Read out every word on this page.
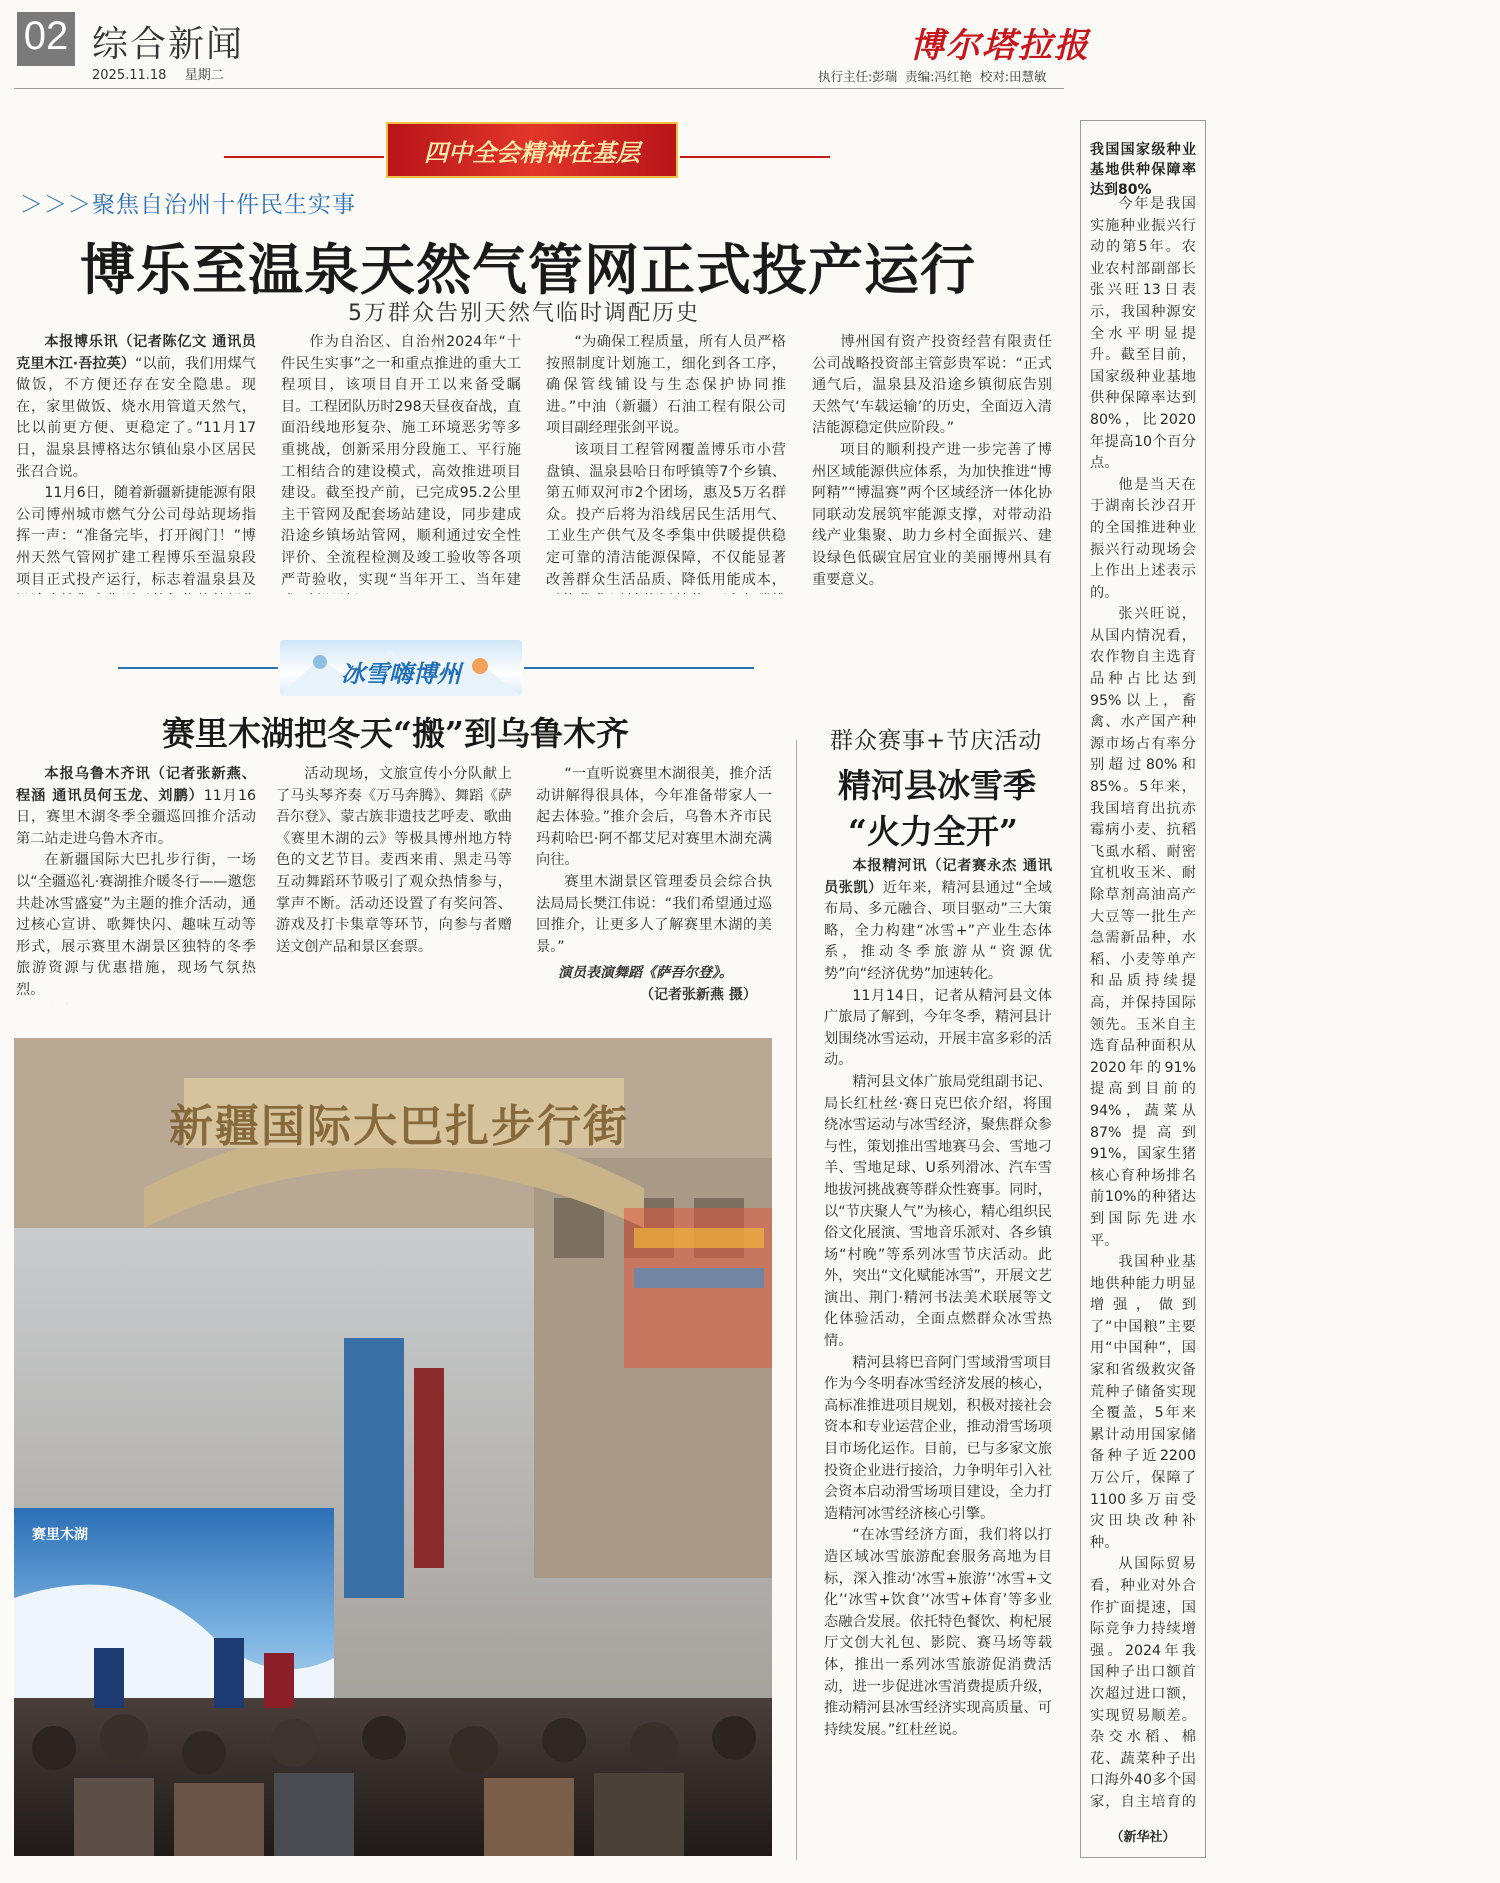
02 综合新闻
2025.11.18 星期二
博尔塔拉报
执行主任:彭瑞  责编:冯红艳  校对:田慧敏
我国国家级种业基地供种保障率达到80%

今年是我国实施种业振兴行动的第5年。农业农村部副部长张兴旺13日表示，我国种源安全水平明显提升。截至目前，国家级种业基地供种保障率达到80%，比2020年提高10个百分点。

他是当天在于湖南长沙召开的全国推进种业振兴行动现场会上作出上述表示的。

张兴旺说，从国内情况看，农作物自主选育品种占比达到95%以上，畜禽、水产国产种源市场占有率分别超过80%和85%。5年来，我国培育出抗赤霉病小麦、抗稻飞虱水稻、耐密宜机收玉米、耐除草剂高油高产大豆等一批生产急需新品种，水稻、小麦等单产和品质持续提高，并保持国际领先。玉米自主选育品种面积从2020年的91%提高到目前的94%，蔬菜从87%提高到91%，国家生猪核心育种场排名前10%的种猪达到国际先进水平。

我国种业基地供种能力明显增强，做到了“中国粮”主要用“中国种”，国家和省级救灾备荒种子储备实现全覆盖，5年来累计动用国家储备种子近2200万公斤，保障了1100多万亩受灾田块改种补种。

从国际贸易看，种业对外合作扩面提速，国际竞争力持续增强。2024年我国种子出口额首次超过进口额，实现贸易顺差。杂交水稻、棉花、蔬菜种子出口海外40多个国家，自主培育的

（新华社）
四中全会精神在基层
＞＞＞聚焦自治州十件民生实事
博乐至温泉天然气管网正式投产运行
5万群众告别天然气临时调配历史

本报博乐讯（记者陈亿文 通讯员克里木江·吾拉英）“以前，我们用煤气做饭，不方便还存在安全隐患。现在，家里做饭、烧水用管道天然气，比以前更方便、更稳定了。”11月17日，温泉县博格达尔镇仙泉小区居民张召合说。

11月6日，随着新疆新捷能源有限公司博州城市燃气分公司母站现场指挥一声：“准备完毕，打开阀门！”博州天然气管网扩建工程博乐至温泉段项目正式投产运行，标志着温泉县及

作为自治区、自治州2024年“十件民生实事”之一和重点推进的重大工程项目，该项目自开工以来备受瞩目。工程团队历时298天昼夜奋战，直面沿线地形复杂、施工环境恶劣等多重挑战，创新采用分段施工、平行施工相结合的建设模式，高效推进项目建设。截至投产前，已完成95.2公里主干管网及配套场站建设，同步建成沿途乡镇场站管网，顺利通过安全性评价、全流程检测及竣工验收等各项严苛验收，实现“当年开工、当年建

“为确保工程质量，所有人员严格按照制度计划施工，细化到各工序，确保管线铺设与生态保护协同推进。”中油（新疆）石油工程有限公司项目副经理张剑平说。

该项目工程管网覆盖博乐市小营盘镇、温泉县哈日布呼镇等7个乡镇、第五师双河市2个团场，惠及5万名群众。投产后将为沿线居民生活用气、工业生产供气及冬季集中供暖提供稳定可靠的清洁能源保障，不仅能显著改善群众生活品质、降低用能成本，

博州国有资产投资经营有限责任公司战略投资部主管彭贵军说：“正式通气后，温泉县及沿途乡镇彻底告别天然气‘车载运输’的历史，全面迈入清洁能源稳定供应阶段。”

项目的顺利投产进一步完善了博州区域能源供应体系，为加快推进“博阿精”“博温赛”两个区域经济一体化协同联动发展筑牢能源支撑，对带动沿线产业集聚、助力乡村全面振兴、建设绿色低碳宜居宜业的美丽博州具有重要意义。

冰雪嗨博州
赛里木湖把冬天“搬”到乌鲁木齐

本报乌鲁木齐讯（记者张新燕、程涵 通讯员何玉龙、刘鹏）11月16日，赛里木湖冬季全疆巡回推介活动第二站走进乌鲁木齐市。

在新疆国际大巴扎步行街，一场以“全疆巡礼·赛湖推介暖冬行——邀您共赴冰雪盛宴”为主题的推介活动，通过核心宣讲、歌舞快闪、趣味互动等形式，展示赛里木湖景区独特的冬季旅游资源与优惠措施，现场气氛热烈。

活动现场，文旅宣传小分队献上了马头琴齐奏《万马奔腾》、舞蹈《萨吾尔登》、蒙古族非遗技艺呼麦、歌曲《赛里木湖的云》等极具博州地方特色的文艺节目。麦西来甫、黑走马等互动舞蹈环节吸引了观众热情参与，掌声不断。活动还设置了有奖问答、游戏及打卡集章等环节，向参与者赠送文创产品和景区套票。

“一直听说赛里木湖很美，推介活动讲解得很具体，今年准备带家人一起去体验。”推介会后，乌鲁木齐市民玛莉哈巴·阿不都艾尼对赛里木湖充满向往。

赛里木湖景区管理委员会综合执法局局长樊江伟说：“我们希望通过巡回推介，让更多人了解赛里木湖的美景。”

演员表演舞蹈《萨吾尔登》。
（记者张新燕 摄）
新疆国际大巴扎步行街
赛里木湖
群众赛事+节庆活动
精河县冰雪季
“火力全开”

本报精河讯（记者赛永杰 通讯员张凯）近年来，精河县通过“全域布局、多元融合、项目驱动”三大策略，全力构建“冰雪+”产业生态体系，推动冬季旅游从“资源优势”向“经济优势”加速转化。

11月14日，记者从精河县文体广旅局了解到，今年冬季，精河县计划围绕冰雪运动，开展丰富多彩的活动。

精河县文体广旅局党组副书记、局长红杜丝·赛日克巴依介绍，将围绕冰雪运动与冰雪经济，聚焦群众参与性，策划推出雪地赛马会、雪地刁羊、雪地足球、U系列滑冰、汽车雪地拔河挑战赛等群众性赛事。同时，以“节庆聚人气”为核心，精心组织民俗文化展演、雪地音乐派对、各乡镇场“村晚”等系列冰雪节庆活动。此外，突出“文化赋能冰雪”，开展文艺演出、荆门·精河书法美术联展等文化体验活动，全面点燃群众冰雪热情。

精河县将巴音阿门雪域滑雪项目作为今冬明春冰雪经济发展的核心，高标准推进项目规划，积极对接社会资本和专业运营企业，推动滑雪场项目市场化运作。目前，已与多家文旅投资企业进行接洽，力争明年引入社会资本启动滑雪场项目建设，全力打造精河冰雪经济核心引擎。

“在冰雪经济方面，我们将以打造区域冰雪旅游配套服务高地为目标，深入推动‘冰雪+旅游’‘冰雪+文化’‘冰雪+饮食’‘冰雪+体育’等多业态融合发展。依托特色餐饮、枸杞展厅文创大礼包、影院、赛马场等载体，推出一系列冰雪旅游促消费活动，进一步促进冰雪消费提质升级，推动精河县冰雪经济实现高质量、可持续发展。”红杜丝说。
